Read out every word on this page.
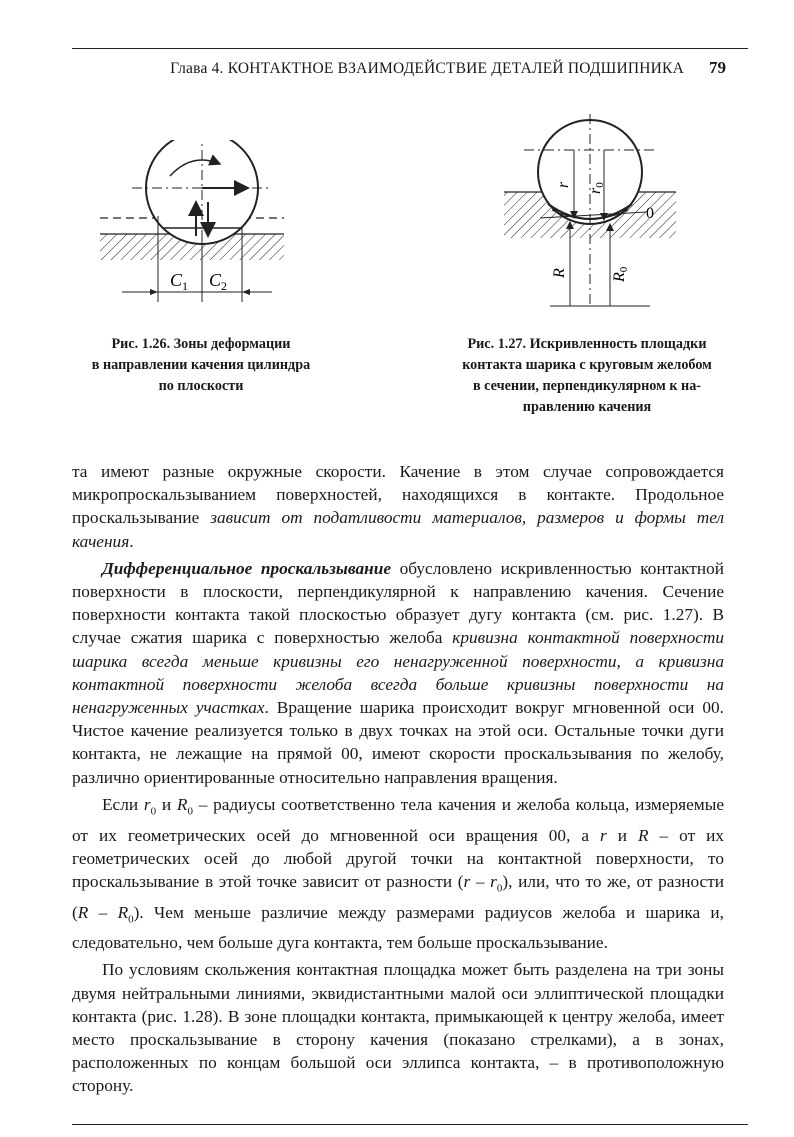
Глава 4. КОНТАКТНОЕ ВЗАИМОДЕЙСТВИЕ ДЕТАЛЕЙ ПОДШИПНИКА 79
$C_1$ $C_2$
0
r
r0
R	R0
Рис. 1.26. Зоны деформации
в направлении качения цилиндра
по плоскости
Рис. 1.27. Искривленность площадки
контакта шарика с круговым желобом
в сечении, перпендикулярном к на-
правлению качения

та имеют разные окружные скорости. Качение в этом случае сопровождается микропроскальзыванием поверхностей, находящихся в контакте. Продольное проскальзывание зависит от податливости материалов, размеров и формы тел качения.

Дифференциальное проскальзывание обусловлено искривленностью контактной поверхности в плоскости, перпендикулярной к направлению качения. Сечение поверхности контакта такой плоскостью образует дугу контакта (см. рис. 1.27). В случае сжатия шарика с поверхностью желоба кривизна контактной поверхности шарика всегда меньше кривизны его ненагруженной поверхности, а кривизна контактной поверхности желоба всегда больше кривизны поверхности на ненагруженных участках. Вращение шарика происходит вокруг мгновенной оси 00. Чистое качение реализуется только в двух точках на этой оси. Остальные точки дуги контакта, не лежащие на прямой 00, имеют скорости проскальзывания по желобу, различно ориентированные относительно направления вращения.

Если $r_0$ и $R_0$ – радиусы соответственно тела качения и желоба кольца, измеряемые от их геометрических осей до мгновенной оси вращения 00, а r и R – от их геометрических осей до любой другой точки на контактной поверхности, то проскальзывание в этой точке зависит от разности $(r - r_0)$, или, что то же, от разности $(R - R_0)$. Чем меньше различие между размерами радиусов желоба и шарика и, следовательно, чем больше дуга контакта, тем больше проскальзывание.

По условиям скольжения контактная площадка может быть разделена на три зоны двумя нейтральными линиями, эквидистантными малой оси эллиптической площадки контакта (рис. 1.28). В зоне площадки контакта, примыкающей к центру желоба, имеет место проскальзывание в сторону качения (показано стрелками), а в зонах, расположенных по концам большой оси эллипса контакта, – в противоположную сторону.
